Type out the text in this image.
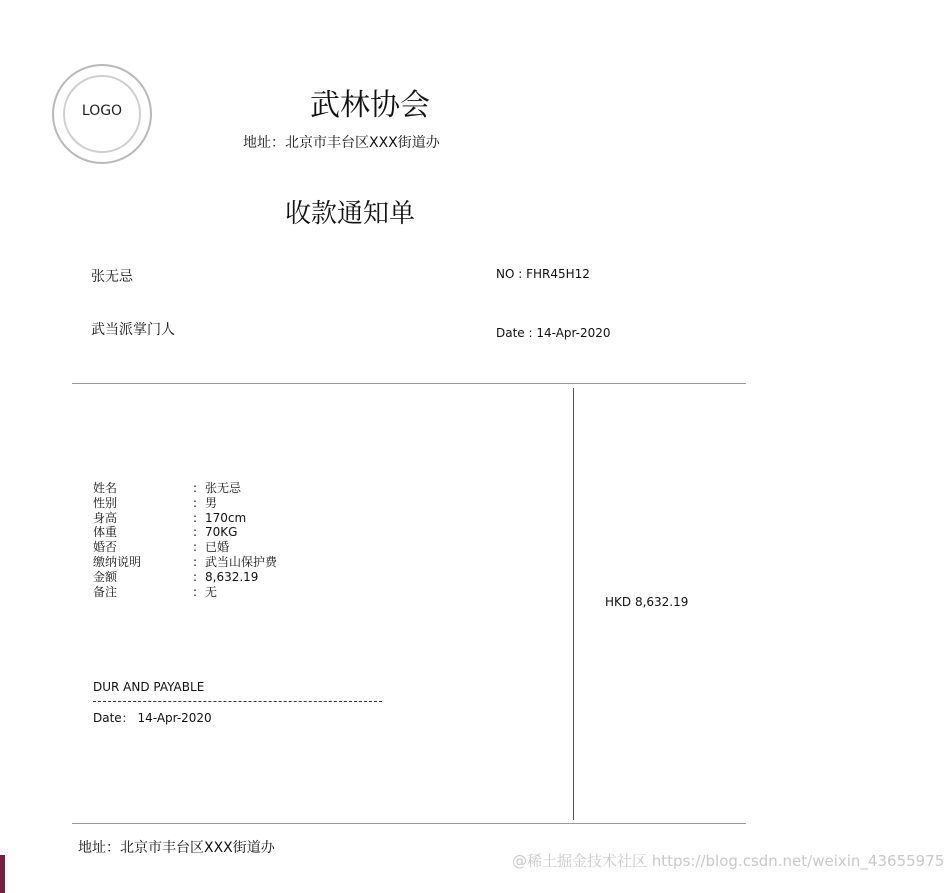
LOGO	武林协会
地址：北京市丰台区XXX街道办
收款通知单
张无忌
武当派掌门人
NO : FHR45H12
Date : 14-Apr-2020
姓名	: 张无忌
性别	: 男
身高	: 170cm
体重	: 70KG
婚否	: 已婚
缴纳说明	: 武当山保护费
金额	: 8,632.19
备注	: 无
HKD 8,632.19
DUR AND PAYABLE
Date： 14-Apr-2020
地址：北京市丰台区XXX街道办
@稀土掘金技术社区 https://blog.csdn.net/weixin_43655975
